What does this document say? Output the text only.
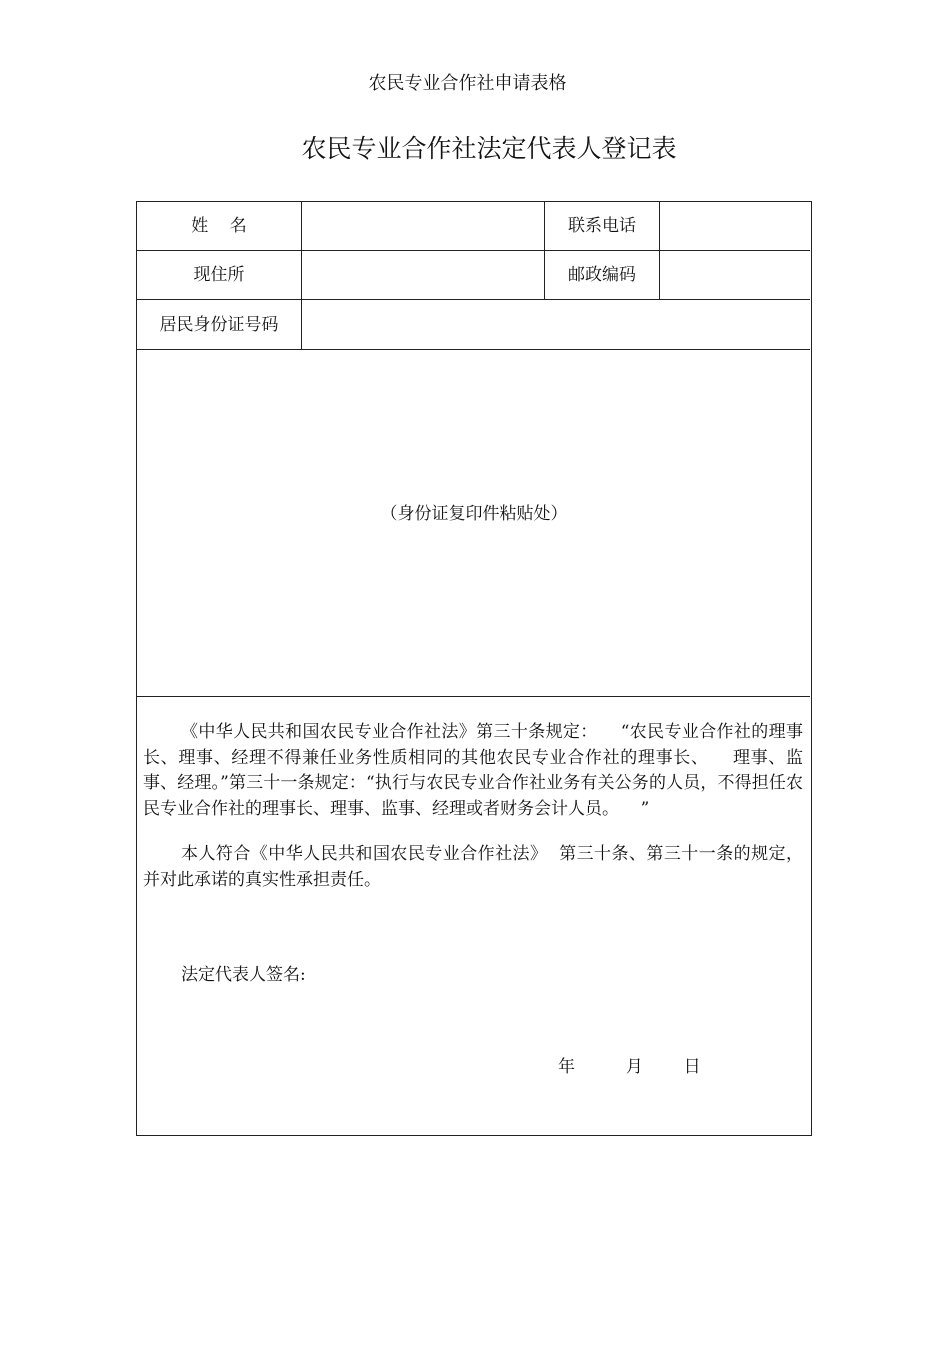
农民专业合作社申请表格
农民专业合作社法定代表人登记表
姓    名	联系电话
现住所	邮政编码
居民身份证号码
（身份证复印件粘贴处）
《中华人民共和国农民专业合作社法》第三十条规定：    “农民专业合作社的理事长、理事、经理不得兼任业务性质相同的其他农民专业合作社的理事长、    理事、监事、经理。”第三十一条规定：“执行与农民专业合作社业务有关公务的人员，不得担任农民专业合作社的理事长、理事、监事、经理或者财务会计人员。    ”
本人符合《中华人民共和国农民专业合作社法》  第三十条、第三十一条的规定，并对此承诺的真实性承担责任。
法定代表人签名:
年	月 日
